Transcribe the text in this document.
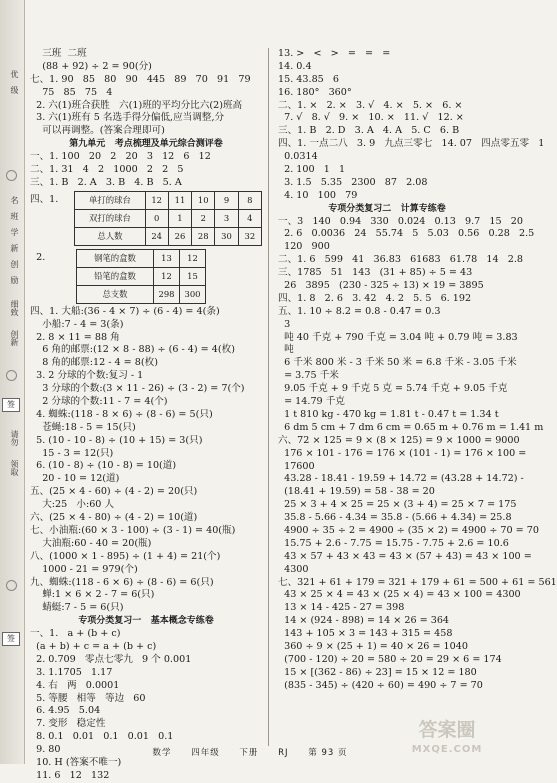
优
级
名
班
学
新
创
励
细致
创新
请勿
领取
签
签
三班  二班
(88 + 92) ÷ 2 = 90(分)
七、1. 90   85   80   90   445   89   70   91   79
75   85   75   4
2. 六(1)班合获胜   六(1)班的平均分比六(2)班高
3. 六(1)班有 5 名选手得分偏低,应当调整,分
可以再调整。(答案合理即可)
第九单元   考点梳理及单元综合测评卷
一、1. 100   20   2   20   3   12   6   12
二、1. 31   4   2   1000   2   2   5
三、1. B   2. A   3. B   4. B   5. A
四、1.	单打的球台	12	11	10	9	8
双打的球台	0	1	2	3	4
总人数	24	26	28	30	32
2.	钢笔的盒数	13	12
铅笔的盒数	12	15
总支数	298	300
四、1. 大船:(36 - 4 × 7) ÷ (6 - 4) = 4(条)
小船:7 - 4 = 3(条)
2. 8 × 11 = 88 角
6 角的邮票:(12 × 8 - 88) ÷ (6 - 4) = 4(枚)
8 角的邮票:12 - 4 = 8(枚)
3. 2 分球的个数:复习 - 1
3 分球的个数:(3 × 11 - 26) ÷ (3 - 2) = 7(个)
2 分球的个数:11 - 7 = 4(个)
4. 蜘蛛:(118 - 8 × 6) ÷ (8 - 6) = 5(只)
苍蝇:18 - 5 = 15(只)
5. (10 - 10 - 8) ÷ (10 + 15) = 3(只)
15 - 3 = 12(只)
6. (10 - 8) ÷ (10 - 8) = 10(道)
20 - 10 = 12(道)
五、(25 × 4 - 60) ÷ (4 - 2) = 20(只)
大:25   小:60 人
六、(25 × 4 - 80) ÷ (4 - 2) = 10(道)
七、小油瓶:(60 × 3 - 100) ÷ (3 - 1) = 40(瓶)
大油瓶:60 - 40 = 20(瓶)
八、(1000 × 1 - 895) ÷ (1 + 4) = 21(个)
1000 - 21 = 979(个)
九、蜘蛛:(118 - 6 × 6) ÷ (8 - 6) = 6(只)
蝉:1 × 6 × 2 - 7 = 6(只)
蜻蜓:7 - 5 = 6(只)
专项分类复习一   基本概念专练卷
一、1.   a + (b + c)
(a + b) + c = a + (b + c)
2. 0.709   零点七零九   9 个 0.001
3. 1.1705   1.17
4. 右   两   0.0001
5. 等腰   相等   等边   60
6. 4.95   5.04
7. 变形   稳定性
8. 0.1   0.01   0.1   0.01   0.1
9. 80
10. H (答案不唯一)
11. 6   12   132
13. >   <   >   =   =   =
14. 0.4
15. 43.85   6
16. 180°   360°
二、1. ×   2. ×   3. √   4. ×   5. ×   6. ×
7. √   8. √   9. ×   10. ×   11. √   12. ×
三、1. B   2. D   3. A   4. A   5. C   6. B
四、1. 一点二八   3. 9   九点三零七   14. 07   四点零五零   1
0.0314
2. 100   1   1
3. 1.5   5.35   2300   87   2.08
4. 10   100   79
专项分类复习二   计算专练卷
一、3   140   0.94   330   0.024   0.13   9.7   15   20
2. 6   0.0036   24   55.74   5   5.03   0.56   0.28   2.5
120   900
二、1. 6   599   41   36.83   61683   61.78   14   2.8
三、1785   51   143   (31 + 85) ÷ 5 = 43
26   3895   (230 - 325 ÷ 13) × 19 = 3895
四、1. 8   2. 6   3. 42   4. 2   5. 5   6. 192
五、1. 10 ÷ 8.2 = 0.8 - 0.47 = 0.3
3
吨 40 千克 + 790 千克 = 3.04 吨 + 0.79 吨 = 3.83
吨
6 千米 800 米 - 3 千米 50 米 = 6.8 千米 - 3.05 千米
= 3.75 千米
9.05 千克 + 9 千克 5 克 = 5.74 千克 + 9.05 千克
= 14.79 千克
1 t 810 kg - 470 kg = 1.81 t - 0.47 t = 1.34 t
6 dm 5 cm + 7 dm 6 cm = 0.65 m + 0.76 m = 1.41 m
六、72 × 125 = 9 × (8 × 125) = 9 × 1000 = 9000
176 × 101 - 176 = 176 × (101 - 1) = 176 × 100 =
17600
43.28 - 18.41 - 19.59 + 14.72 = (43.28 + 14.72) -
(18.41 + 19.59) = 58 - 38 = 20
25 × 3 + 4 × 25 = 25 × (3 + 4) = 25 × 7 = 175
35.8 - 5.66 - 4.34 = 35.8 - (5.66 + 4.34) = 25.8
4900 ÷ 35 ÷ 2 = 4900 ÷ (35 × 2) = 4900 ÷ 70 = 70
15.75 + 2.6 - 7.75 = 15.75 - 7.75 + 2.6 = 10.6
43 × 57 + 43 × 43 = 43 × (57 + 43) = 43 × 100 =
4300
七、321 + 61 + 179 = 321 + 179 + 61 = 500 + 61 = 561
43 × 25 × 4 = 43 × (25 × 4) = 43 × 100 = 4300
13 × 14 - 425 - 27 = 398
14 × (924 - 898) = 14 × 26 = 364
143 + 105 × 3 = 143 + 315 = 458
360 ÷ 9 × (25 + 1) = 40 × 26 = 1040
(700 - 120) ÷ 20 = 580 ÷ 20 = 29 × 6 = 174
15 × [(362 - 86) ÷ 23] = 15 × 12 = 180
(835 - 345) ÷ (420 ÷ 60) = 490 ÷ 7 = 70
数学 四年级 下册 RJ 第 93 页
答案圈
MXQE.COM
